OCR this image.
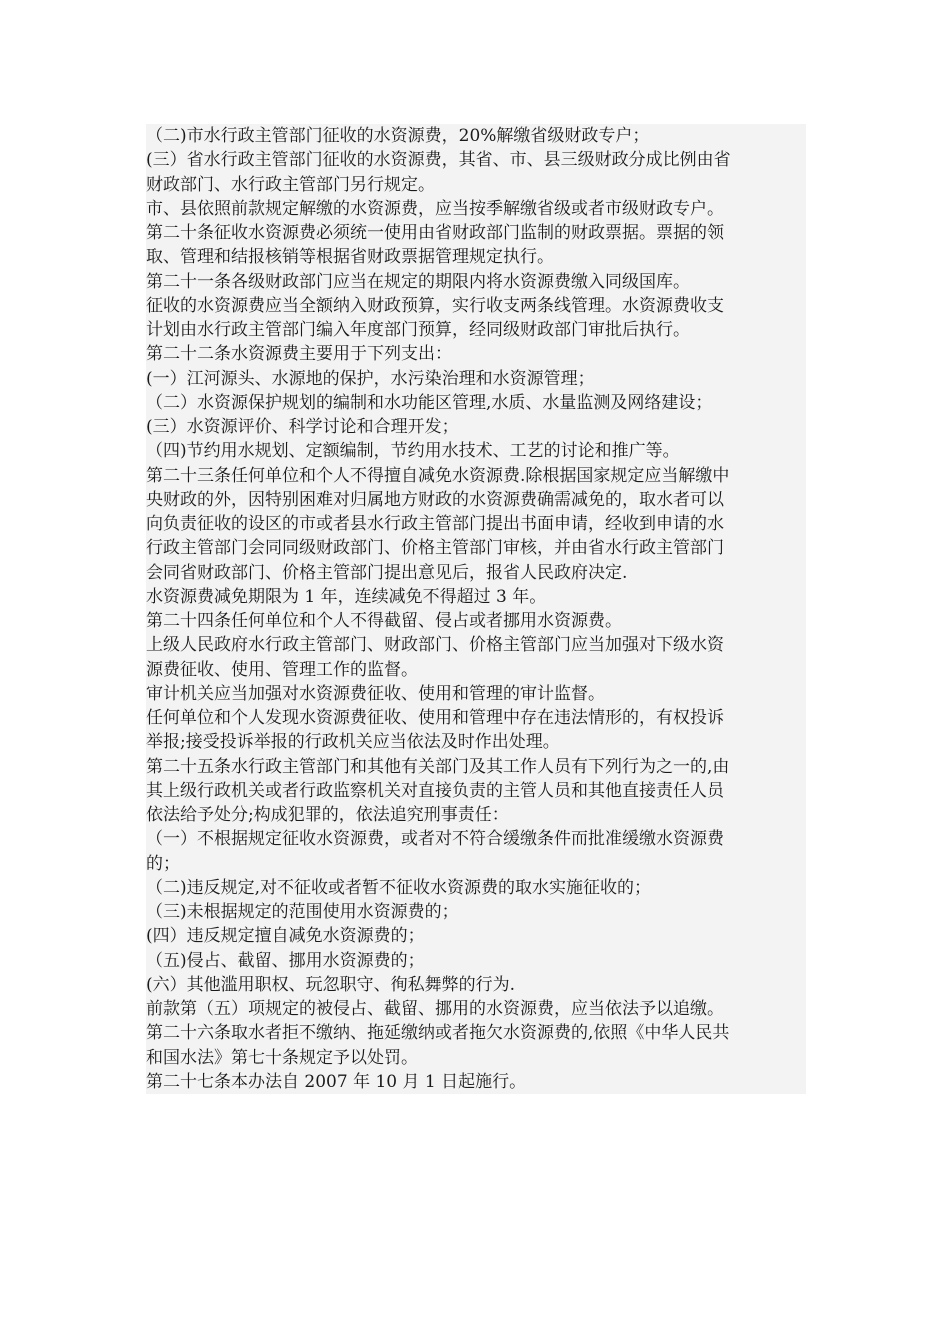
（二)市水行政主管部门征收的水资源费，20%解缴省级财政专户；
(三）省水行政主管部门征收的水资源费，其省、市、县三级财政分成比例由省
财政部门、水行政主管部门另行规定。
市、县依照前款规定解缴的水资源费，应当按季解缴省级或者市级财政专户。
第二十条征收水资源费必须统一使用由省财政部门监制的财政票据。票据的领
取、管理和结报核销等根据省财政票据管理规定执行。
第二十一条各级财政部门应当在规定的期限内将水资源费缴入同级国库。
征收的水资源费应当全额纳入财政预算，实行收支两条线管理。水资源费收支
计划由水行政主管部门编入年度部门预算，经同级财政部门审批后执行。
第二十二条水资源费主要用于下列支出：
(一）江河源头、水源地的保护，水污染治理和水资源管理；
（二）水资源保护规划的编制和水功能区管理,水质、水量监测及网络建设；
(三）水资源评价、科学讨论和合理开发；
（四)节约用水规划、定额编制，节约用水技术、工艺的讨论和推广等。
第二十三条任何单位和个人不得擅自减免水资源费.除根据国家规定应当解缴中
央财政的外，因特别困难对归属地方财政的水资源费确需减免的，取水者可以
向负责征收的设区的市或者县水行政主管部门提出书面申请，经收到申请的水
行政主管部门会同同级财政部门、价格主管部门审核，并由省水行政主管部门
会同省财政部门、价格主管部门提出意见后，报省人民政府决定.
水资源费减免期限为 1 年，连续减免不得超过 3 年。
第二十四条任何单位和个人不得截留、侵占或者挪用水资源费。
上级人民政府水行政主管部门、财政部门、价格主管部门应当加强对下级水资
源费征收、使用、管理工作的监督。
审计机关应当加强对水资源费征收、使用和管理的审计监督。
任何单位和个人发现水资源费征收、使用和管理中存在违法情形的，有权投诉
举报;接受投诉举报的行政机关应当依法及时作出处理。
第二十五条水行政主管部门和其他有关部门及其工作人员有下列行为之一的,由
其上级行政机关或者行政监察机关对直接负责的主管人员和其他直接责任人员
依法给予处分;构成犯罪的，依法追究刑事责任：
（一）不根据规定征收水资源费，或者对不符合缓缴条件而批准缓缴水资源费
的；
（二)违反规定,对不征收或者暂不征收水资源费的取水实施征收的；
（三)未根据规定的范围使用水资源费的；
(四）违反规定擅自减免水资源费的；
（五)侵占、截留、挪用水资源费的；
(六）其他滥用职权、玩忽职守、徇私舞弊的行为.
前款第（五）项规定的被侵占、截留、挪用的水资源费，应当依法予以追缴。
第二十六条取水者拒不缴纳、拖延缴纳或者拖欠水资源费的,依照《中华人民共
和国水法》第七十条规定予以处罚。
第二十七条本办法自 2007 年 10 月 1 日起施行。
